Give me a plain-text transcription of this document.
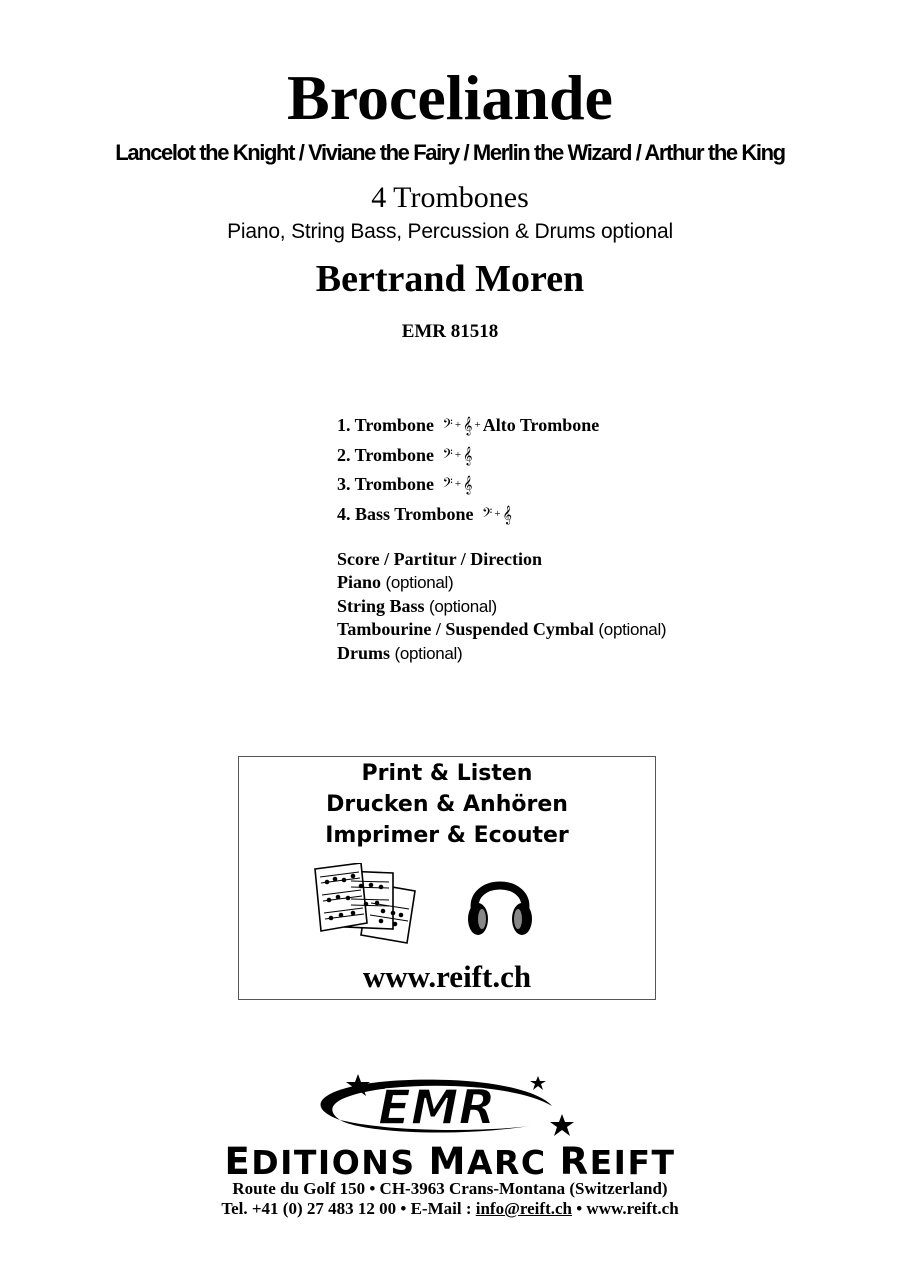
Broceliande
Lancelot the Knight / Viviane the Fairy / Merlin the Wizard / Arthur the King
4 Trombones
Piano, String Bass, Percussion & Drums optional
Bertrand Moren
EMR 81518
1. Trombone 𝄢 + 𝄞 + Alto Trombone
2. Trombone 𝄢 + 𝄞
3. Trombone 𝄢 + 𝄞
4. Bass Trombone 𝄢 + 𝄞
Score / Partitur / Direction
Piano (optional)
String Bass (optional)
Tambourine / Suspended Cymbal (optional)
Drums (optional)
Print & Listen
Drucken & Anhören
Imprimer & Ecouter
www.reift.ch
EMR
EDITIONS MARC REIFT
Route du Golf 150 • CH-3963 Crans-Montana (Switzerland)
Tel. +41 (0) 27 483 12 00 • E-Mail : info@reift.ch • www.reift.ch
